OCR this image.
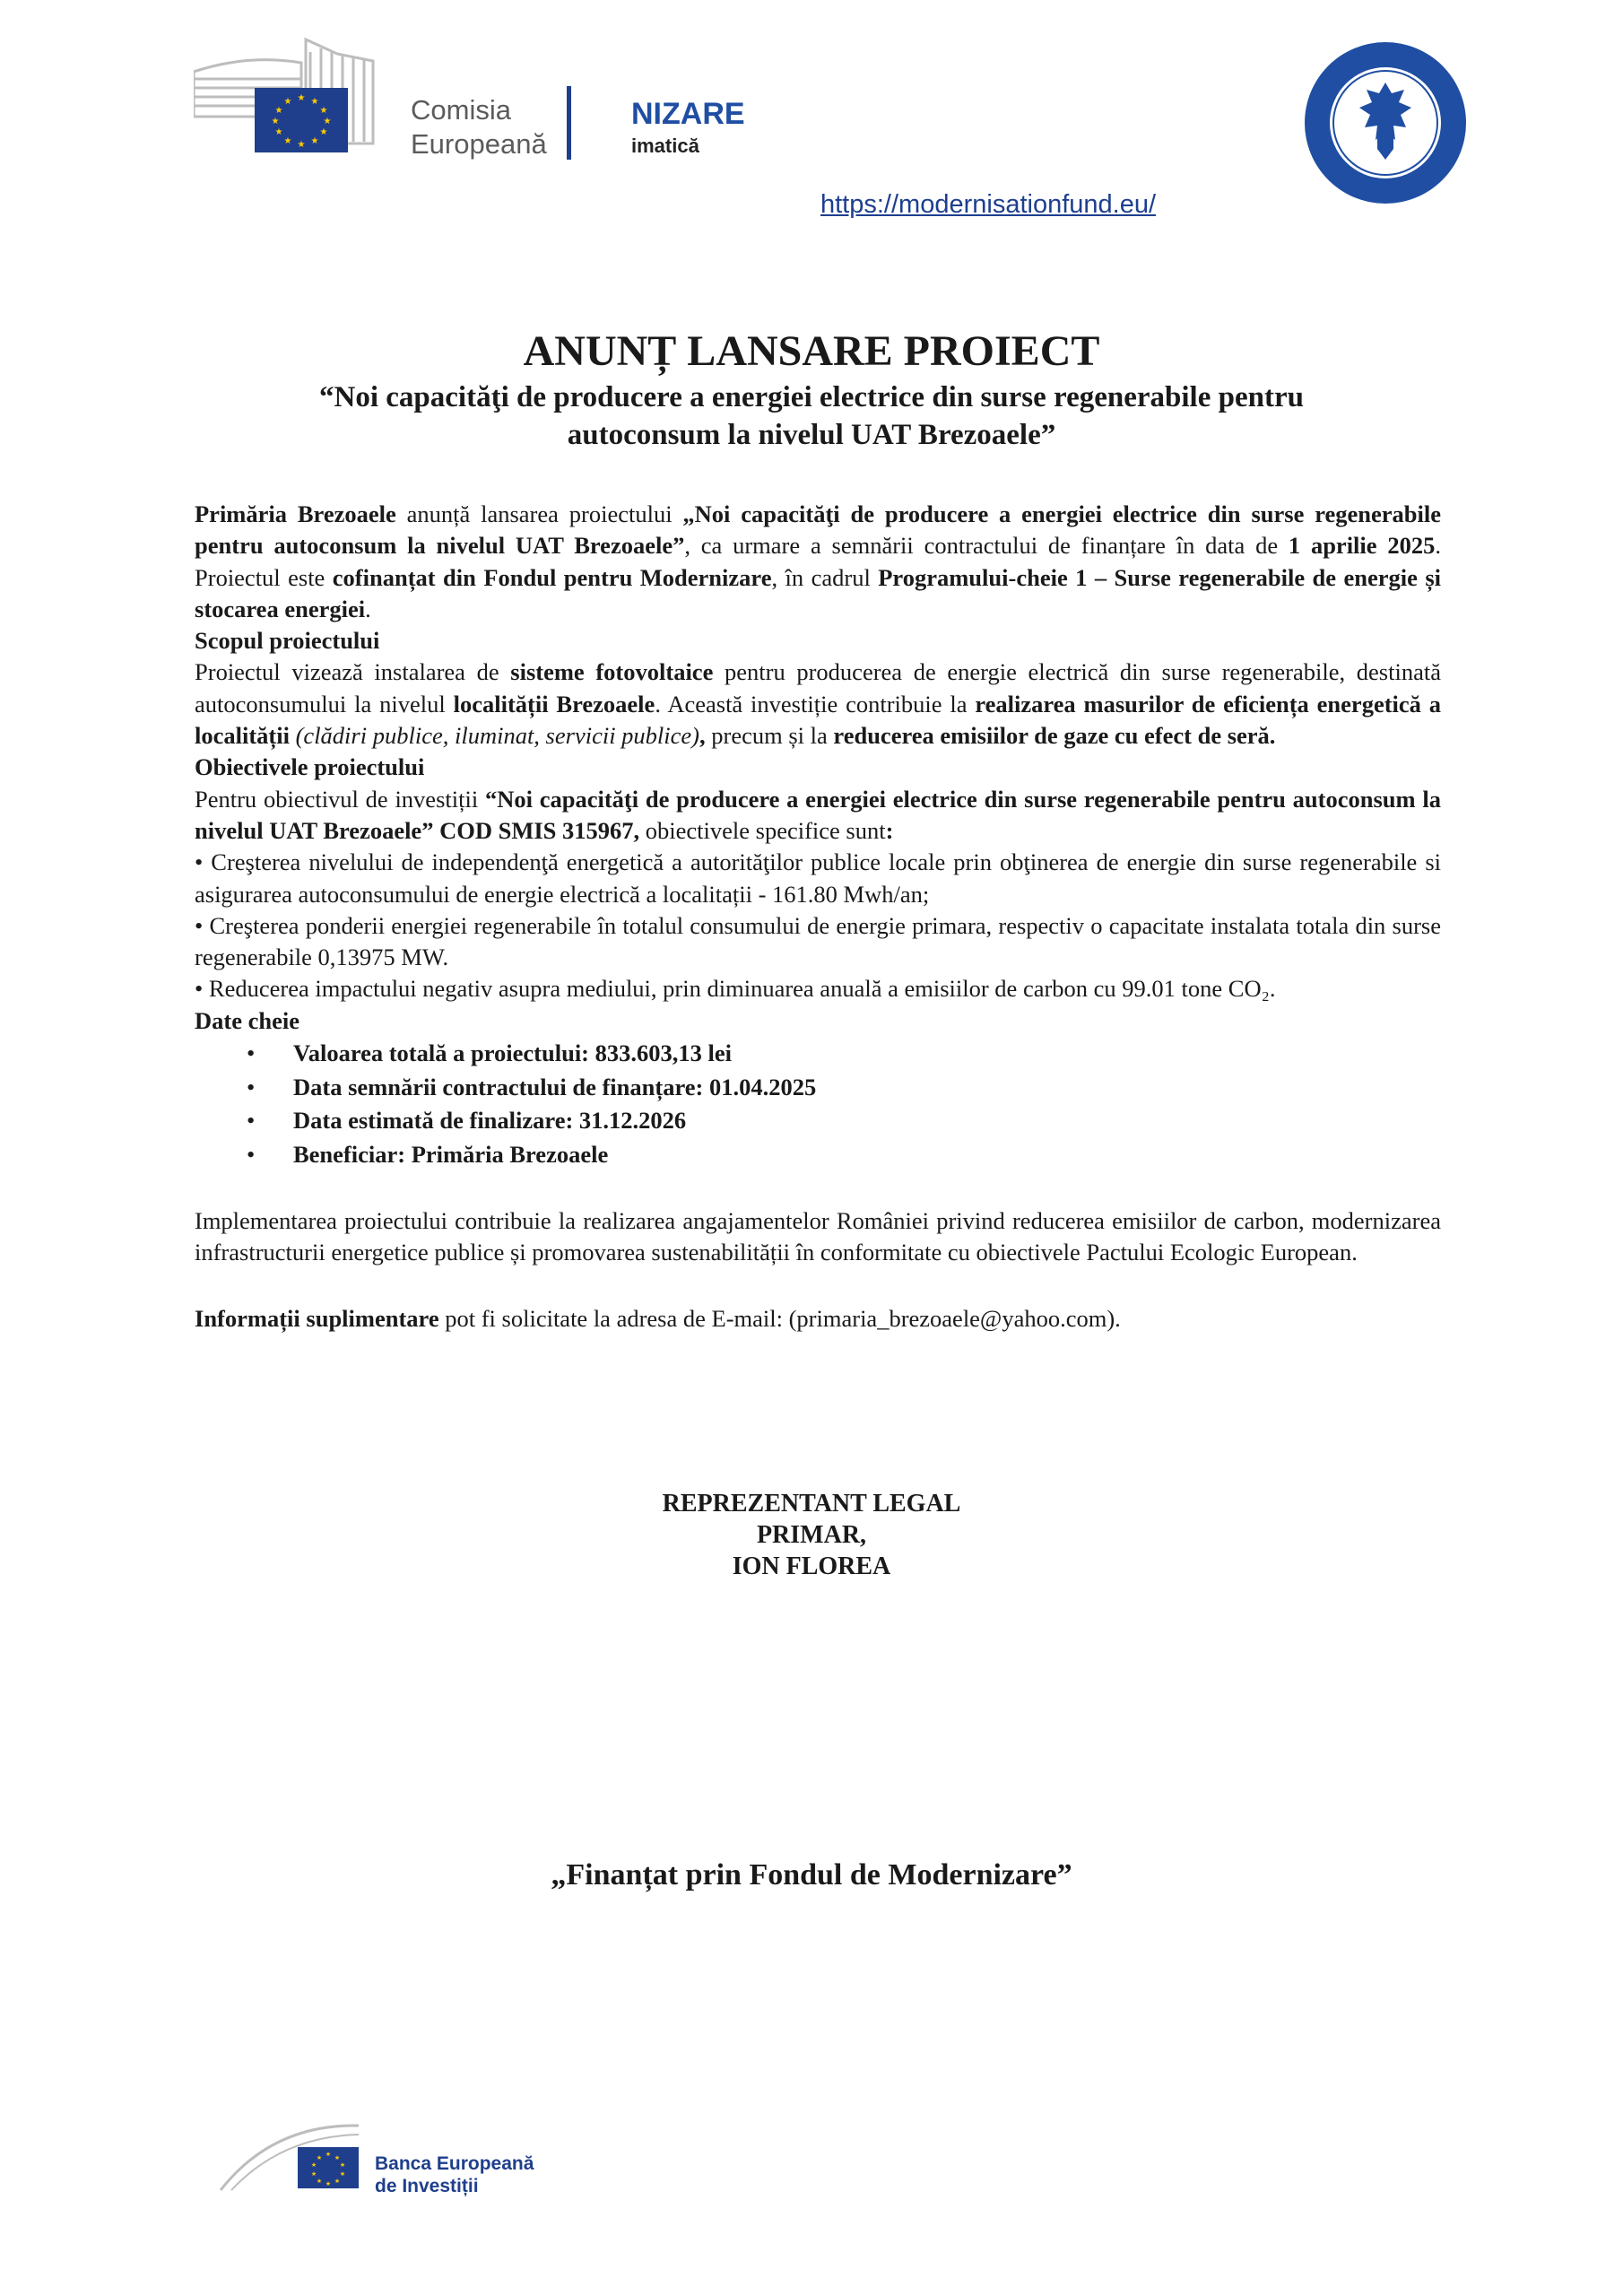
★ ★
★
★
★
★
★
★
★
★
★
★	Comisia
Europeană
NIZARE
imatică
https://modernisationfund.eu/
ANUNȚ LANSARE PROIECT
“Noi capacităţi de producere a energiei electrice din surse regenerabile pentru
autoconsum la nivelul UAT Brezoaele”

Primăria Brezoaele anunță lansarea proiectului „Noi capacităţi de producere a energiei electrice din surse regenerabile pentru autoconsum la nivelul UAT Brezoaele”, ca urmare a semnării contractului de finanțare în data de 1 aprilie 2025. Proiectul este cofinanțat din Fondul pentru Modernizare, în cadrul Programului-cheie 1 – Surse regenerabile de energie și stocarea energiei.

Scopul proiectului

Proiectul vizează instalarea de sisteme fotovoltaice pentru producerea de energie electrică din surse regenerabile, destinată autoconsumului la nivelul localității Brezoaele. Această investiție contribuie la realizarea masurilor de eficiența energetică a localității (clădiri publice, iluminat, servicii publice), precum și la reducerea emisiilor de gaze cu efect de seră.

Obiectivele proiectului

Pentru obiectivul de investiții “Noi capacităţi de producere a energiei electrice din surse regenerabile pentru autoconsum la nivelul UAT Brezoaele” COD SMIS 315967, obiectivele specifice sunt:

• Creşterea nivelului de independenţă energetică a autorităţilor publice locale prin obţinerea de energie din surse regenerabile si asigurarea autoconsumului de energie electrică a localitații - 161.80 Mwh/an;

• Creşterea ponderii energiei regenerabile în totalul consumului de energie primara, respectiv o capacitate instalata totala din surse regenerabile 0,13975 MW.

• Reducerea impactului negativ asupra mediului, prin diminuarea anuală a emisiilor de carbon cu 99.01 tone CO₂.

Date cheie

• Valoarea totală a proiectului: 833.603,13 lei
• Data semnării contractului de finanțare: 01.04.2025
• Data estimată de finalizare: 31.12.2026
• Beneficiar: Primăria Brezoaele

Implementarea proiectului contribuie la realizarea angajamentelor României privind reducerea emisiilor de carbon, modernizarea infrastructurii energetice publice și promovarea sustenabilității în conformitate cu obiectivele Pactului Ecologic European.

Informații suplimentare pot fi solicitate la adresa de E-mail: (primaria_brezoaele@yahoo.com).

REPREZENTANT LEGAL
PRIMAR,
ION FLOREA
„Finanțat prin Fondul de Modernizare”
★ ★
★
★
★
★
★
★
★
★	Banca Europeană
de Investiții
